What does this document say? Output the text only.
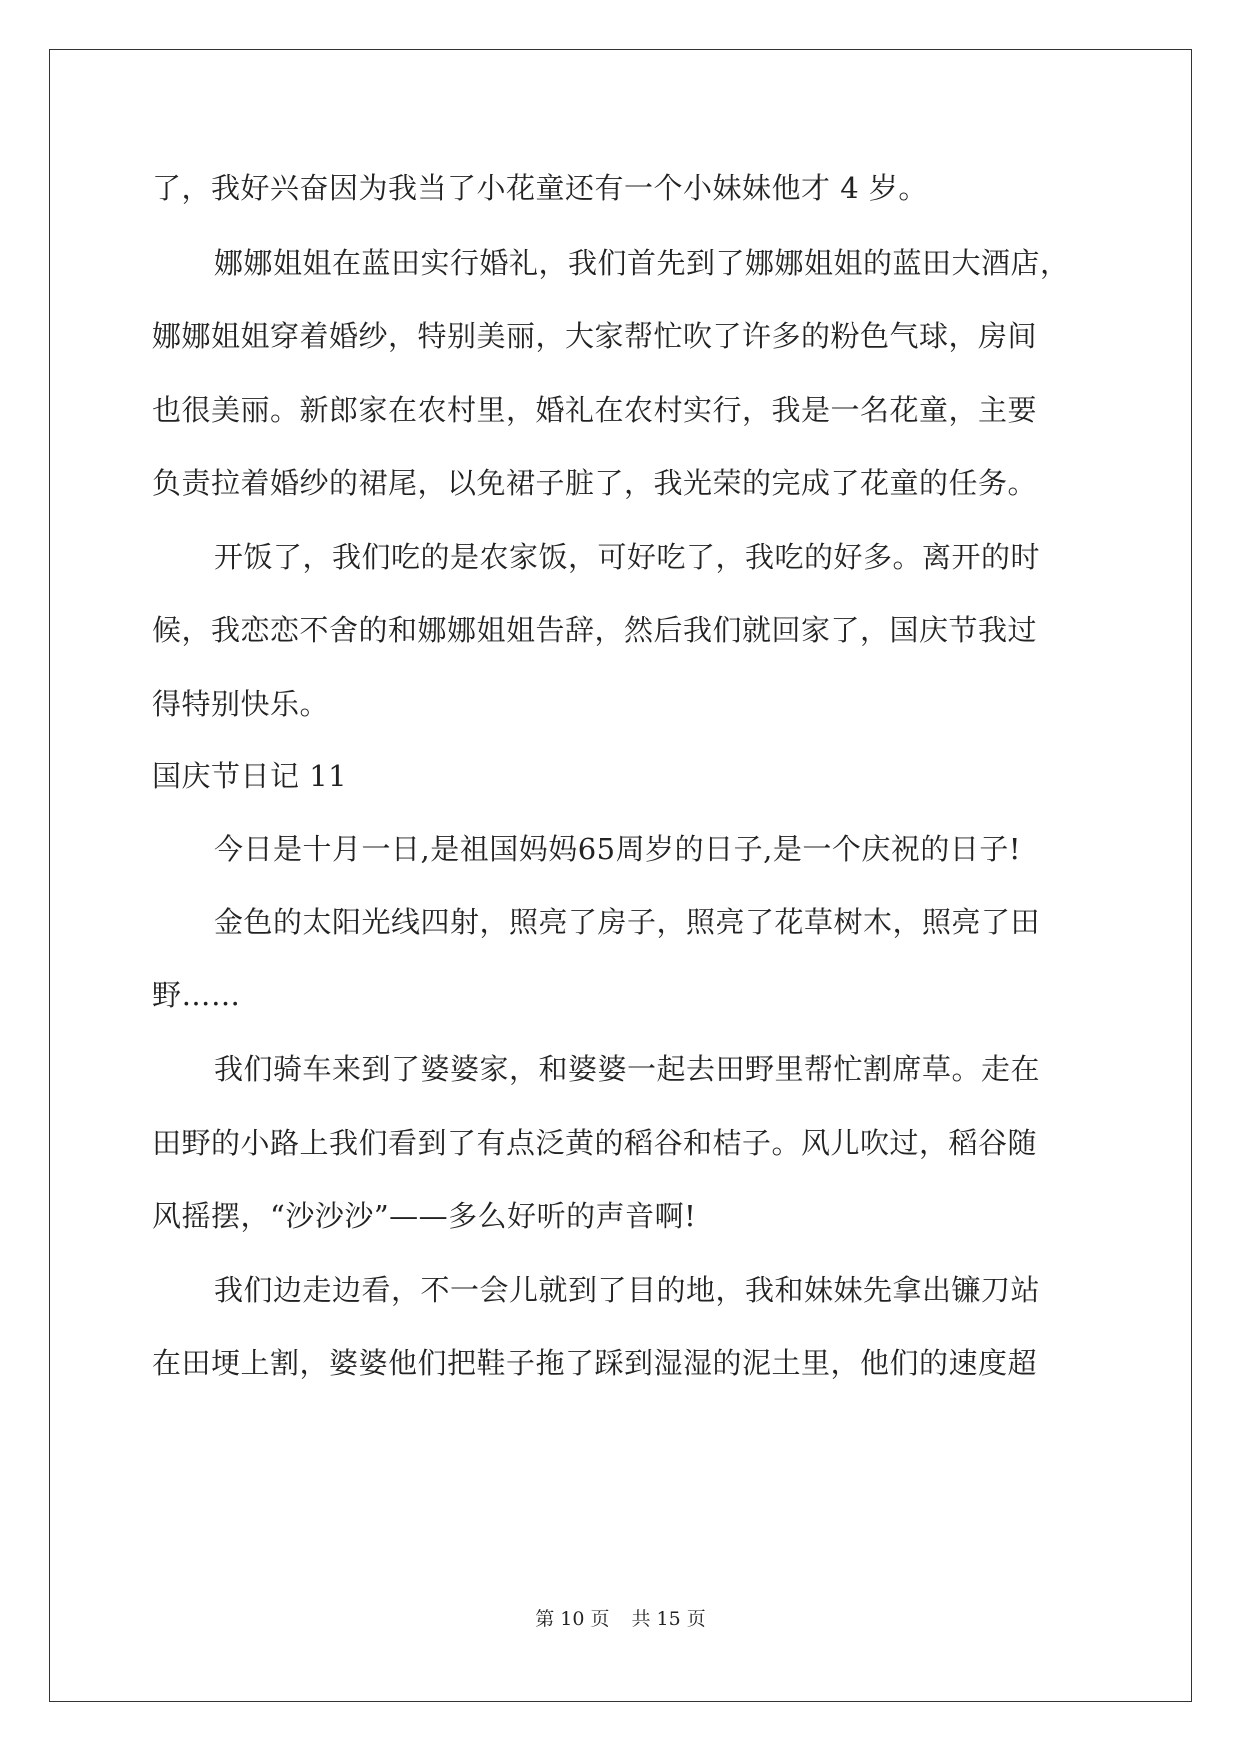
了，我好兴奋因为我当了小花童还有一个小妹妹他才 4 岁。
娜娜姐姐在蓝田实行婚礼，我们首先到了娜娜姐姐的蓝田大酒店，
娜娜姐姐穿着婚纱，特别美丽，大家帮忙吹了许多的粉色气球，房间
也很美丽。新郎家在农村里，婚礼在农村实行，我是一名花童，主要
负责拉着婚纱的裙尾，以免裙子脏了，我光荣的完成了花童的任务。
开饭了，我们吃的是农家饭，可好吃了，我吃的好多。离开的时
候，我恋恋不舍的和娜娜姐姐告辞，然后我们就回家了，国庆节我过
得特别快乐。
国庆节日记 11
今日是十月一日,是祖国妈妈65周岁的日子,是一个庆祝的日子!
金色的太阳光线四射，照亮了房子，照亮了花草树木，照亮了田
野……
我们骑车来到了婆婆家，和婆婆一起去田野里帮忙割席草。走在
田野的小路上我们看到了有点泛黄的稻谷和桔子。风儿吹过，稻谷随
风摇摆，“沙沙沙”——多么好听的声音啊!
我们边走边看，不一会儿就到了目的地，我和妹妹先拿出镰刀站
在田埂上割，婆婆他们把鞋子拖了踩到湿湿的泥土里，他们的速度超
第 10 页 共 15 页
